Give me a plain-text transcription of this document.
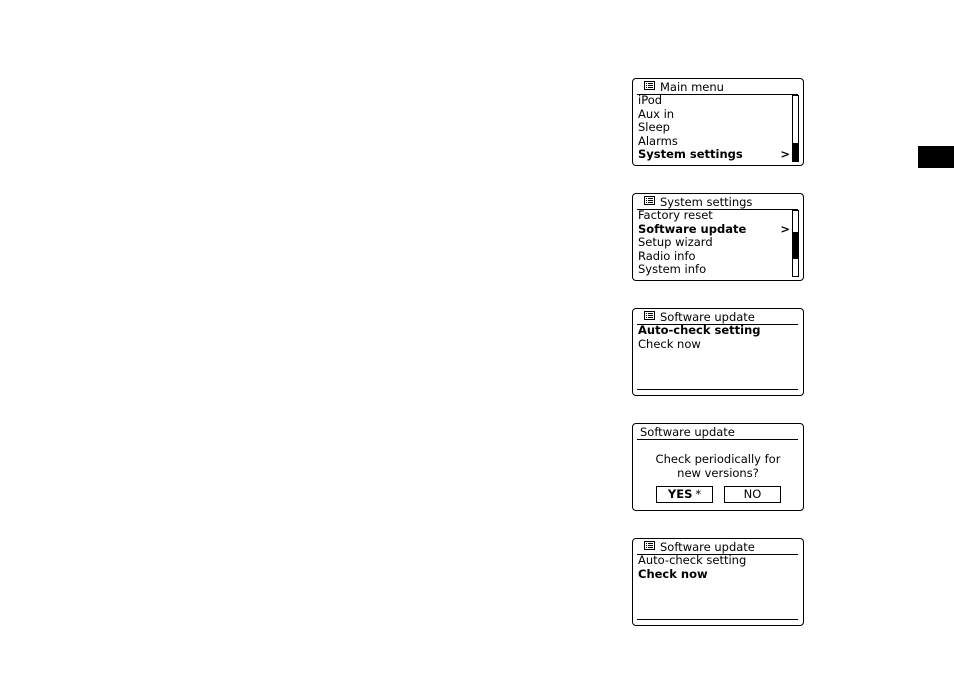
Main menu
iPod
Aux in
Sleep
Alarms
System settings	>
System settings
Factory reset
Software update	>
Setup wizard
Radio info
System info
Software update
Auto-check setting
Check now
Software update
Check periodically for
new versions?
YES *	NO
Software update
Auto-check setting
Check now
